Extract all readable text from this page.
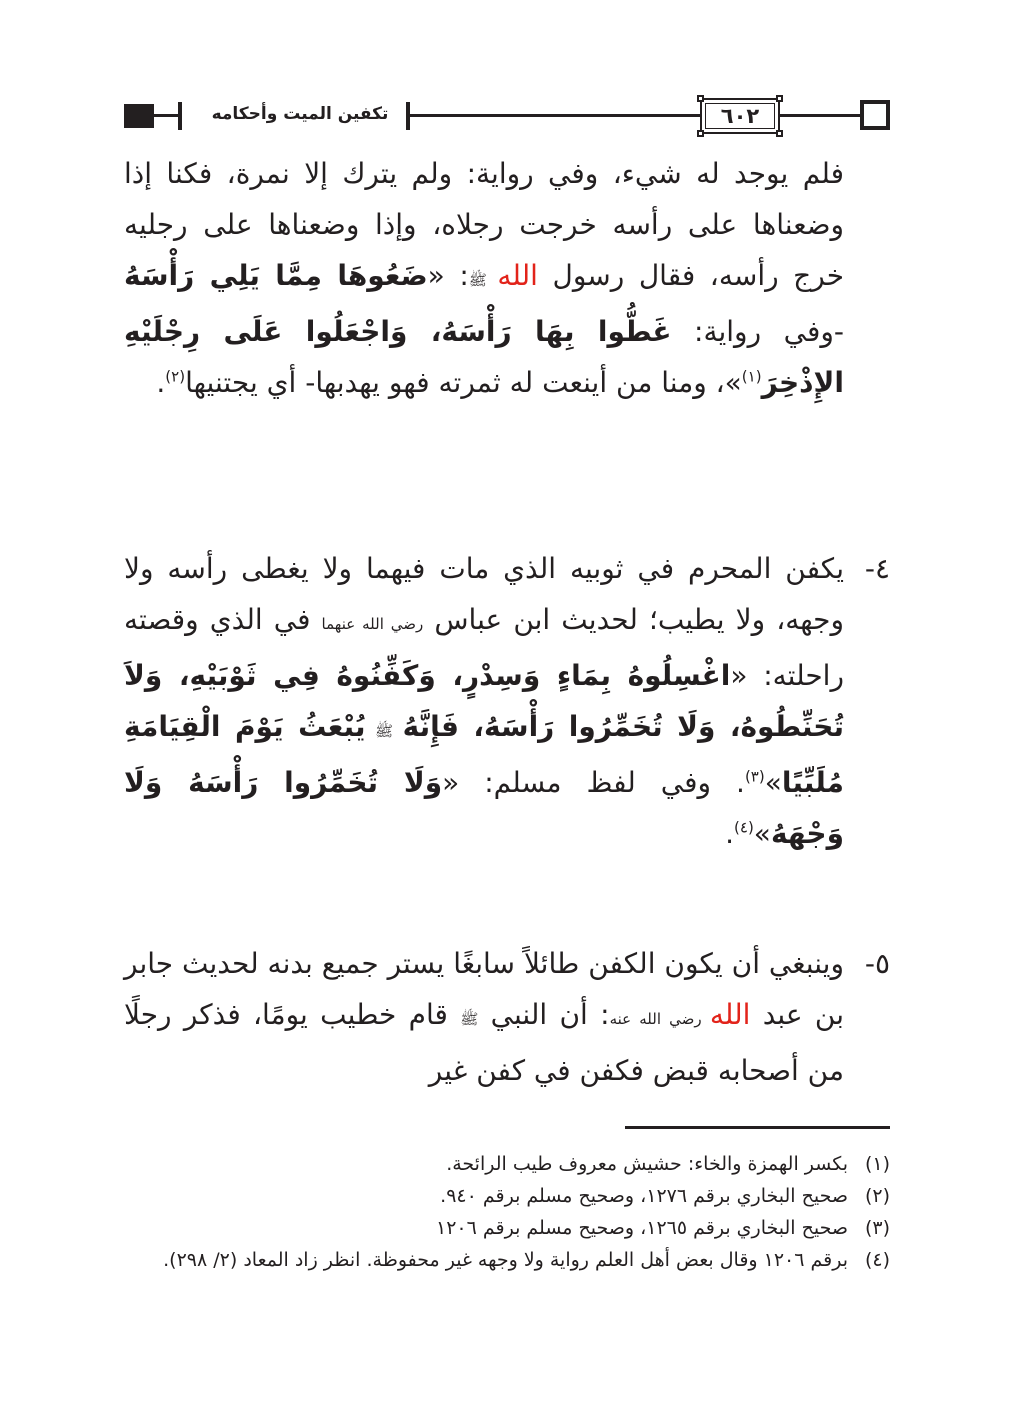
تكفين الميت وأحكامه	٦٠٢
فلم يوجد له شيء، وفي رواية: ولم يترك إلا نمرة، فكنا إذا وضعناها على رأسه خرجت رجلاه، وإذا وضعناها على رجليه خرج رأسه، فقال رسول الله ﷺ: «ضَعُوهَا مِمَّا يَلِي رَأْسَهُ -وفي رواية: غَطُّوا بِهَا رَأْسَهُ، وَاجْعَلُوا عَلَى رِجْلَيْهِ الإِذْخِرَ$^{(١)}$»، ومنا من أينعت له ثمرته فهو يهدبها- أي يجتنيها$^{(٢)}$.
٤-
يكفن المحرم في ثوبيه الذي مات فيهما ولا يغطى رأسه ولا وجهه، ولا يطيب؛ لحديث ابن عباس رضي الله عنهما في الذي وقصته راحلته: «اغْسِلُوهُ بِمَاءٍ وَسِدْرٍ، وَكَفِّنُوهُ فِي ثَوْبَيْهِ، وَلاَ تُحَنِّطُوهُ، وَلَا تُخَمِّرُوا رَأْسَهُ، فَإِنَّهُ ﷺ يُبْعَثُ يَوْمَ الْقِيَامَةِ مُلَبِّيًا»$^{(٣)}$. وفي لفظ مسلم: «وَلَا تُخَمِّرُوا رَأْسَهُ وَلَا وَجْهَهُ»$^{(٤)}$.
٥-
وينبغي أن يكون الكفن طائلاً سابغًا يستر جميع بدنه لحديث جابر بن عبد الله رضي الله عنه: أن النبي ﷺ قام خطيب يومًا، فذكر رجلًا من أصحابه قبض فكفن في كفن غير
(١)
بكسر الهمزة والخاء: حشيش معروف طيب الرائحة.
(٢)
صحيح البخاري برقم ١٢٧٦، وصحيح مسلم برقم ٩٤٠.
(٣)
صحيح البخاري برقم ١٢٦٥، وصحيح مسلم برقم ١٢٠٦
(٤)
برقم ١٢٠٦ وقال بعض أهل العلم رواية ولا وجهه غير محفوظة. انظر زاد المعاد (٢/ ٢٩٨).
